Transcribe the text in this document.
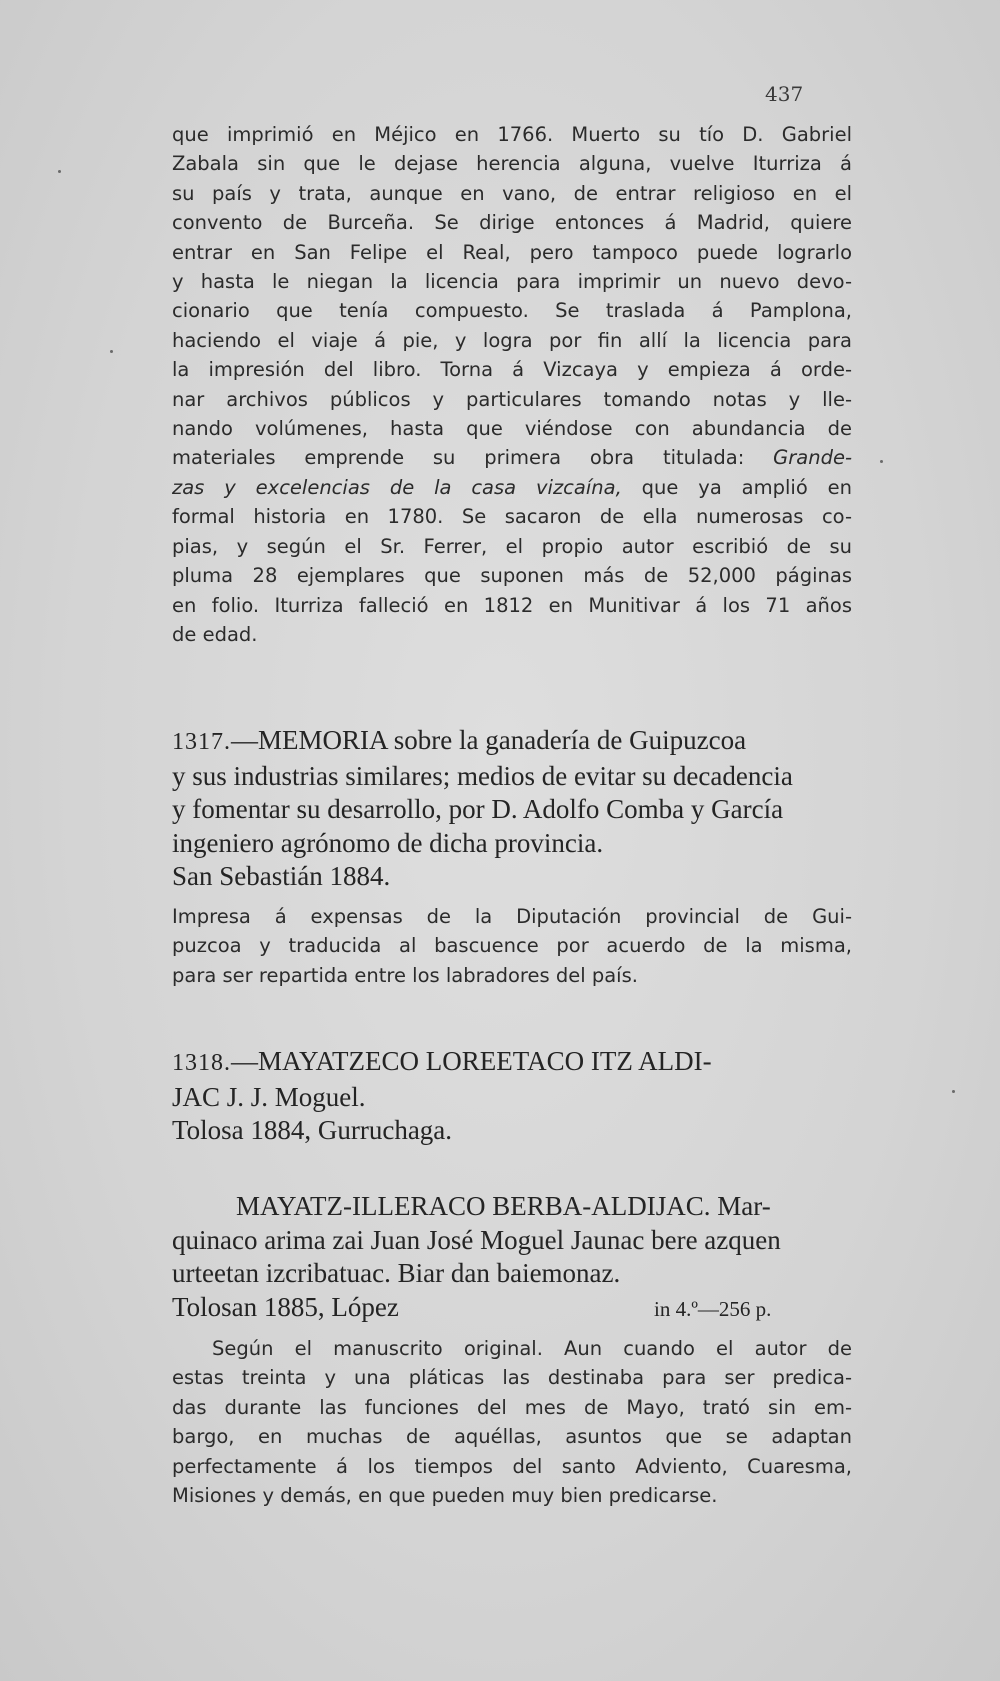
437
que imprimió en Méjico en 1766. Muerto su tío D. Gabriel
Zabala sin que le dejase herencia alguna, vuelve Iturriza á
su país y trata, aunque en vano, de entrar religioso en el
convento de Burceña. Se dirige entonces á Madrid, quiere
entrar en San Felipe el Real, pero tampoco puede lograrlo
y hasta le niegan la licencia para imprimir un nuevo devo-
cionario que tenía compuesto. Se traslada á Pamplona,
haciendo el viaje á pie, y logra por fin allí la licencia para
la impresión del libro. Torna á Vizcaya y empieza á orde-
nar archivos públicos y particulares tomando notas y lle-
nando volúmenes, hasta que viéndose con abundancia de
materiales emprende su primera obra titulada: Grande-
zas y excelencias de la casa vizcaína, que ya amplió en
formal historia en 1780. Se sacaron de ella numerosas co-
pias, y según el Sr. Ferrer, el propio autor escribió de su
pluma 28 ejemplares que suponen más de 52,000 páginas
en folio. Iturriza falleció en 1812 en Munitivar á los 71 años
de edad.
1317.—MEMORIA sobre la ganadería de Guipuzcoa
y sus industrias similares; medios de evitar su decadencia
y fomentar su desarrollo, por D. Adolfo Comba y García
ingeniero agrónomo de dicha provincia.
San Sebastián 1884.
Impresa á expensas de la Diputación provincial de Gui-
puzcoa y traducida al bascuence por acuerdo de la misma,
para ser repartida entre los labradores del país.
1318.—MAYATZECO LOREETACO ITZ ALDI-
JAC J. J. Moguel.
Tolosa 1884, Gurruchaga.
MAYATZ-ILLERACO BERBA-ALDIJAC. Mar-
quinaco arima zai Juan José Moguel Jaunac bere azquen
urteetan izcribatuac. Biar dan baiemonaz.
Tolosan 1885, López	in 4.º—256 p.
Según el manuscrito original. Aun cuando el autor de
estas treinta y una pláticas las destinaba para ser predica-
das durante las funciones del mes de Mayo, trató sin em-
bargo, en muchas de aquéllas, asuntos que se adaptan
perfectamente á los tiempos del santo Adviento, Cuaresma,
Misiones y demás, en que pueden muy bien predicarse.
